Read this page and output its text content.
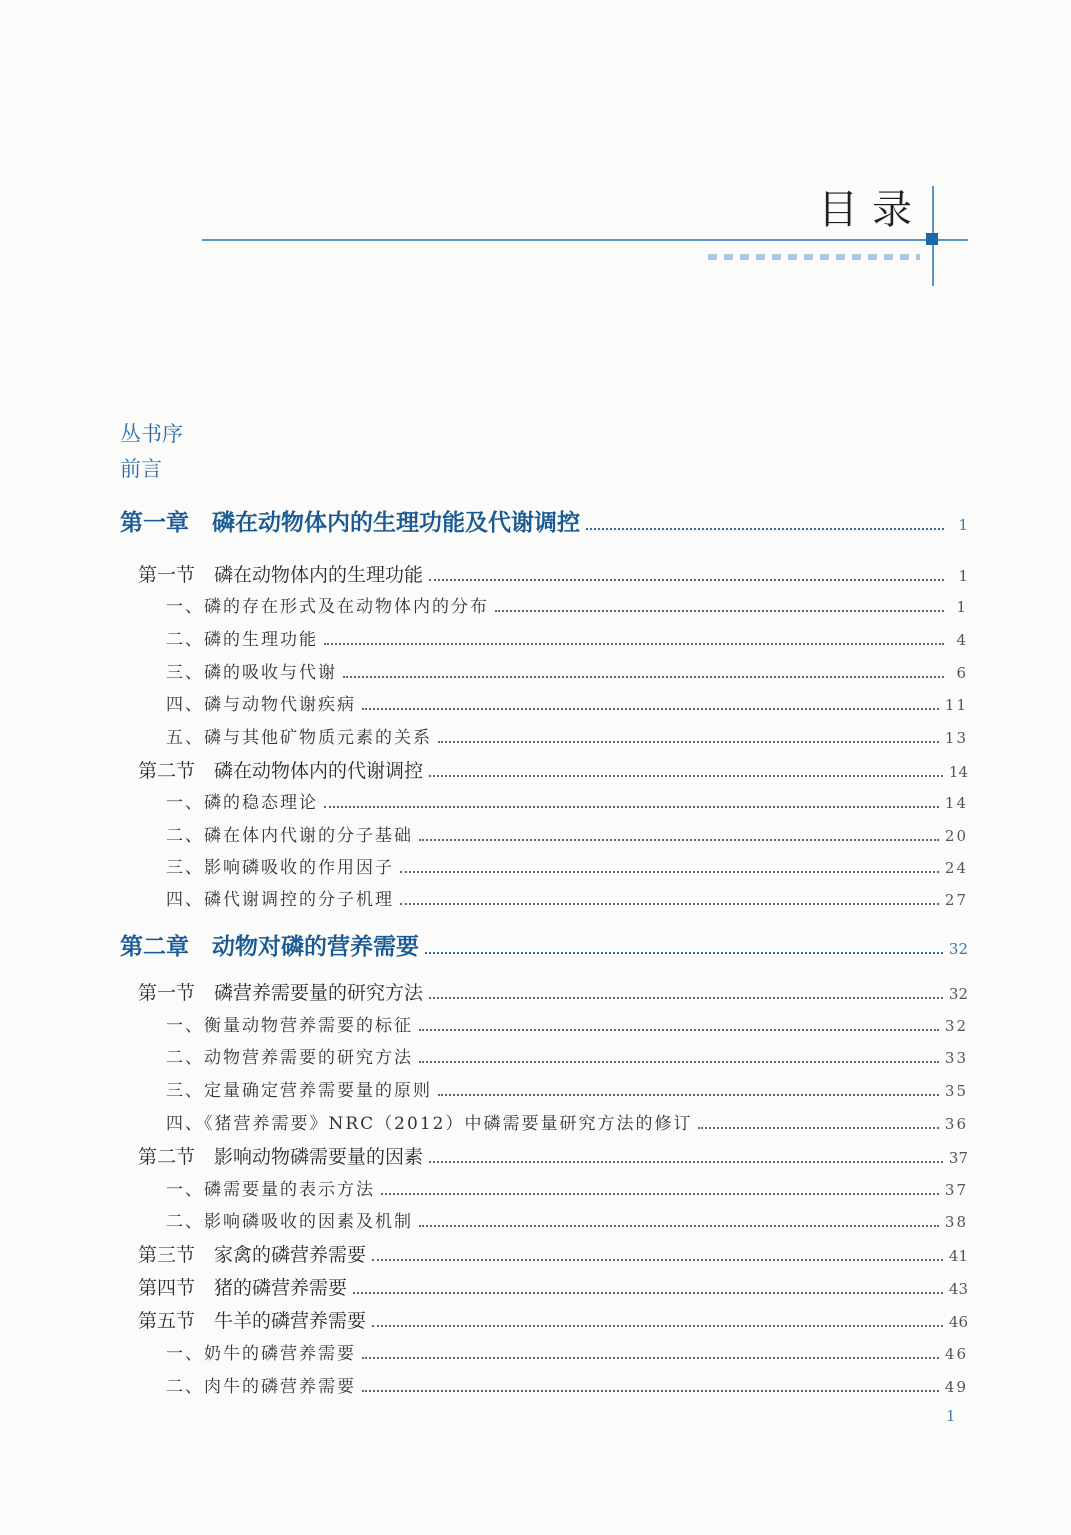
目录
丛书序
前言
第一章　磷在动物体内的生理功能及代谢调控	1
第一节　磷在动物体内的生理功能	1
一、磷的存在形式及在动物体内的分布	1
二、磷的生理功能	4
三、磷的吸收与代谢	6
四、磷与动物代谢疾病	11
五、磷与其他矿物质元素的关系	13
第二节　磷在动物体内的代谢调控	14
一、磷的稳态理论	14
二、磷在体内代谢的分子基础	20
三、影响磷吸收的作用因子	24
四、磷代谢调控的分子机理	27
第二章　动物对磷的营养需要	32
第一节　磷营养需要量的研究方法	32
一、衡量动物营养需要的标征	32
二、动物营养需要的研究方法	33
三、定量确定营养需要量的原则	35
四、《猪营养需要》NRC（2012）中磷需要量研究方法的修订	36
第二节　影响动物磷需要量的因素	37
一、磷需要量的表示方法	37
二、影响磷吸收的因素及机制	38
第三节　家禽的磷营养需要	41
第四节　猪的磷营养需要	43
第五节　牛羊的磷营养需要	46
一、奶牛的磷营养需要	46
二、肉牛的磷营养需要	49
1
